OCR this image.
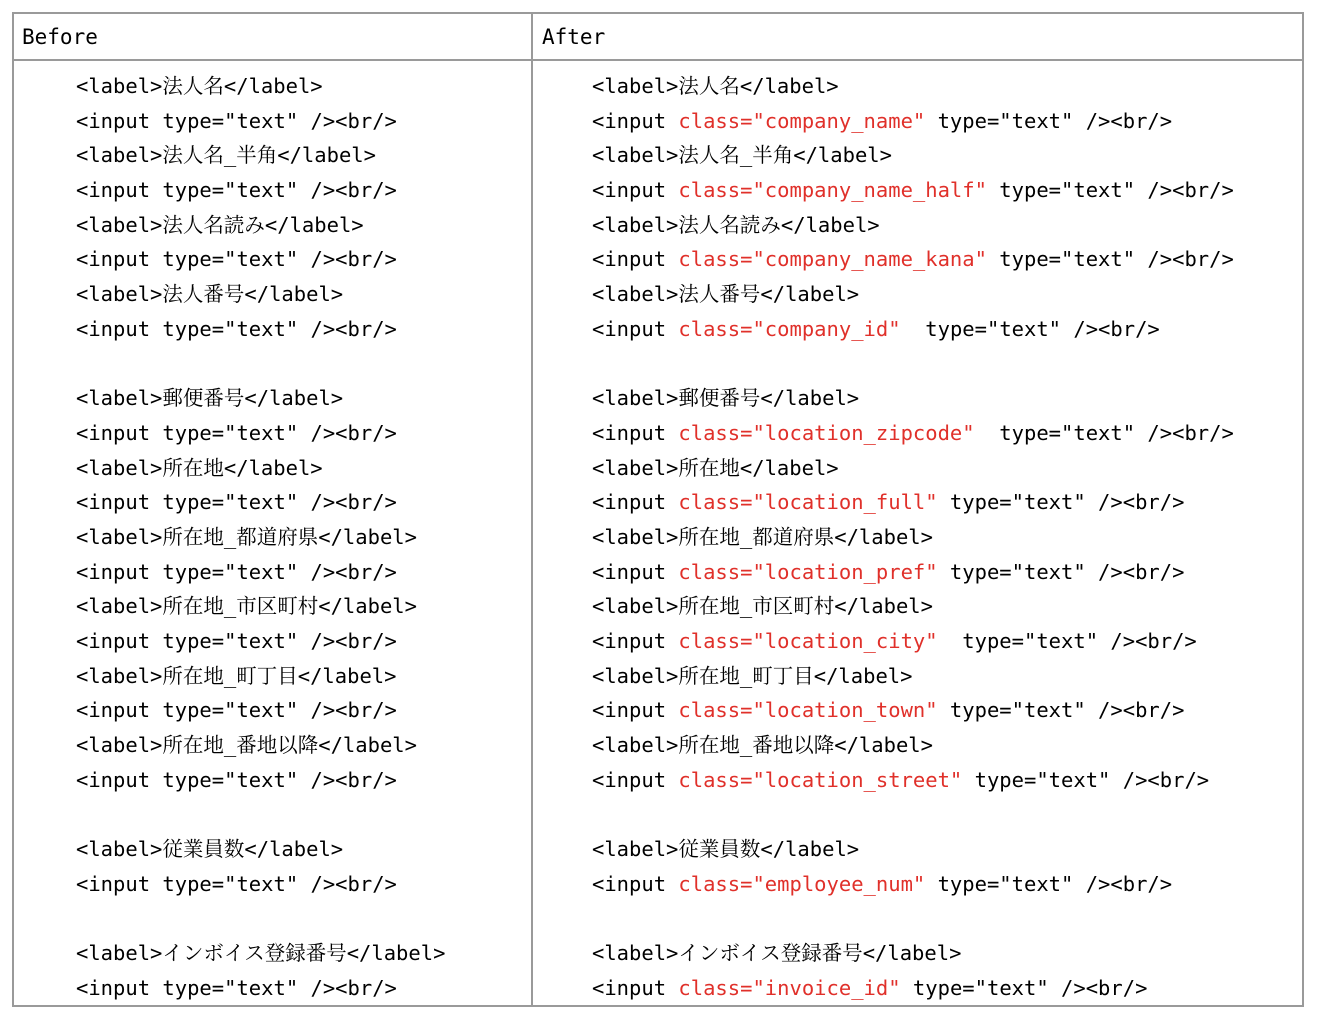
Before	After
<label>法人名</label>
<input type="text" /><br/>
<label>法人名_半角</label>
<input type="text" /><br/>
<label>法人名読み</label>
<input type="text" /><br/>
<label>法人番号</label>
<input type="text" /><br/>
<label>郵便番号</label>
<input type="text" /><br/>
<label>所在地</label>
<input type="text" /><br/>
<label>所在地_都道府県</label>
<input type="text" /><br/>
<label>所在地_市区町村</label>
<input type="text" /><br/>
<label>所在地_町丁目</label>
<input type="text" /><br/>
<label>所在地_番地以降</label>
<input type="text" /><br/>
<label>従業員数</label>
<input type="text" /><br/>
<label>インボイス登録番号</label>
<input type="text" /><br/>
<label>法人名</label>
<input class="company_name" type="text" /><br/>
<label>法人名_半角</label>
<input class="company_name_half" type="text" /><br/>
<label>法人名読み</label>
<input class="company_name_kana" type="text" /><br/>
<label>法人番号</label>
<input class="company_id"  type="text" /><br/>
<label>郵便番号</label>
<input class="location_zipcode"  type="text" /><br/>
<label>所在地</label>
<input class="location_full" type="text" /><br/>
<label>所在地_都道府県</label>
<input class="location_pref" type="text" /><br/>
<label>所在地_市区町村</label>
<input class="location_city"  type="text" /><br/>
<label>所在地_町丁目</label>
<input class="location_town" type="text" /><br/>
<label>所在地_番地以降</label>
<input class="location_street" type="text" /><br/>
<label>従業員数</label>
<input class="employee_num" type="text" /><br/>
<label>インボイス登録番号</label>
<input class="invoice_id" type="text" /><br/>
